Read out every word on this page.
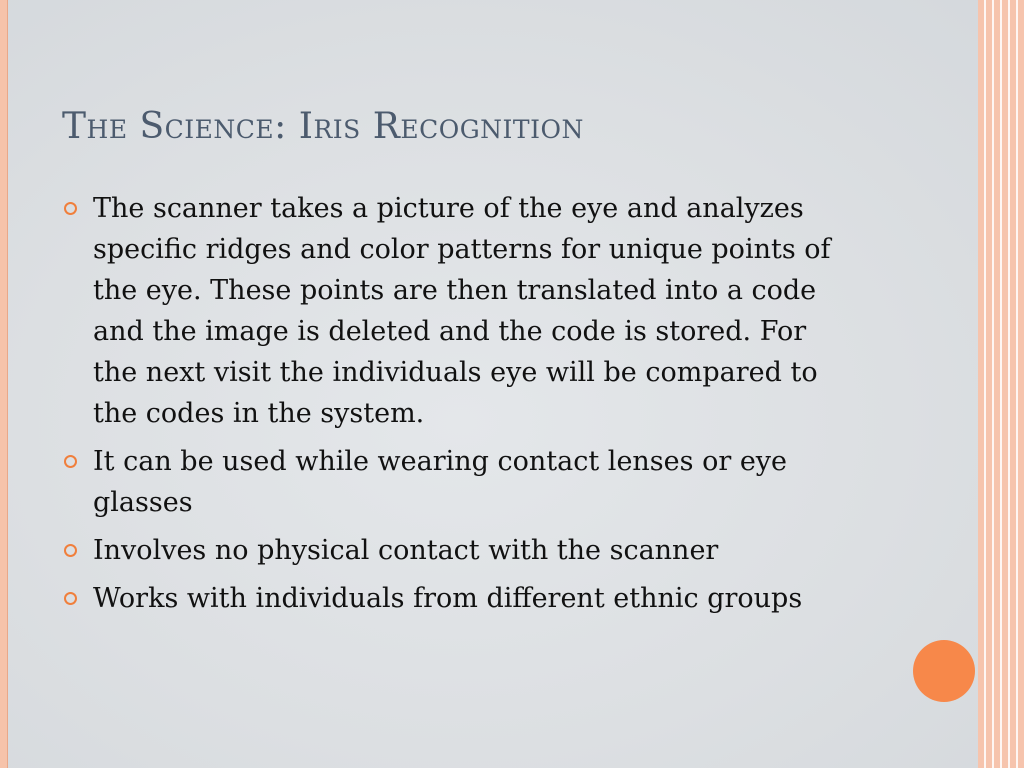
The Science: Iris Recognition
The scanner takes a picture of the eye and analyzes specific ridges and color patterns for unique points of the eye. These points are then translated into a code and the image is deleted and the code is stored. For the next visit the individuals eye will be compared to the codes in the system.
It can be used while wearing contact lenses or eye glasses
Involves no physical contact with the scanner
Works with individuals from different ethnic groups
